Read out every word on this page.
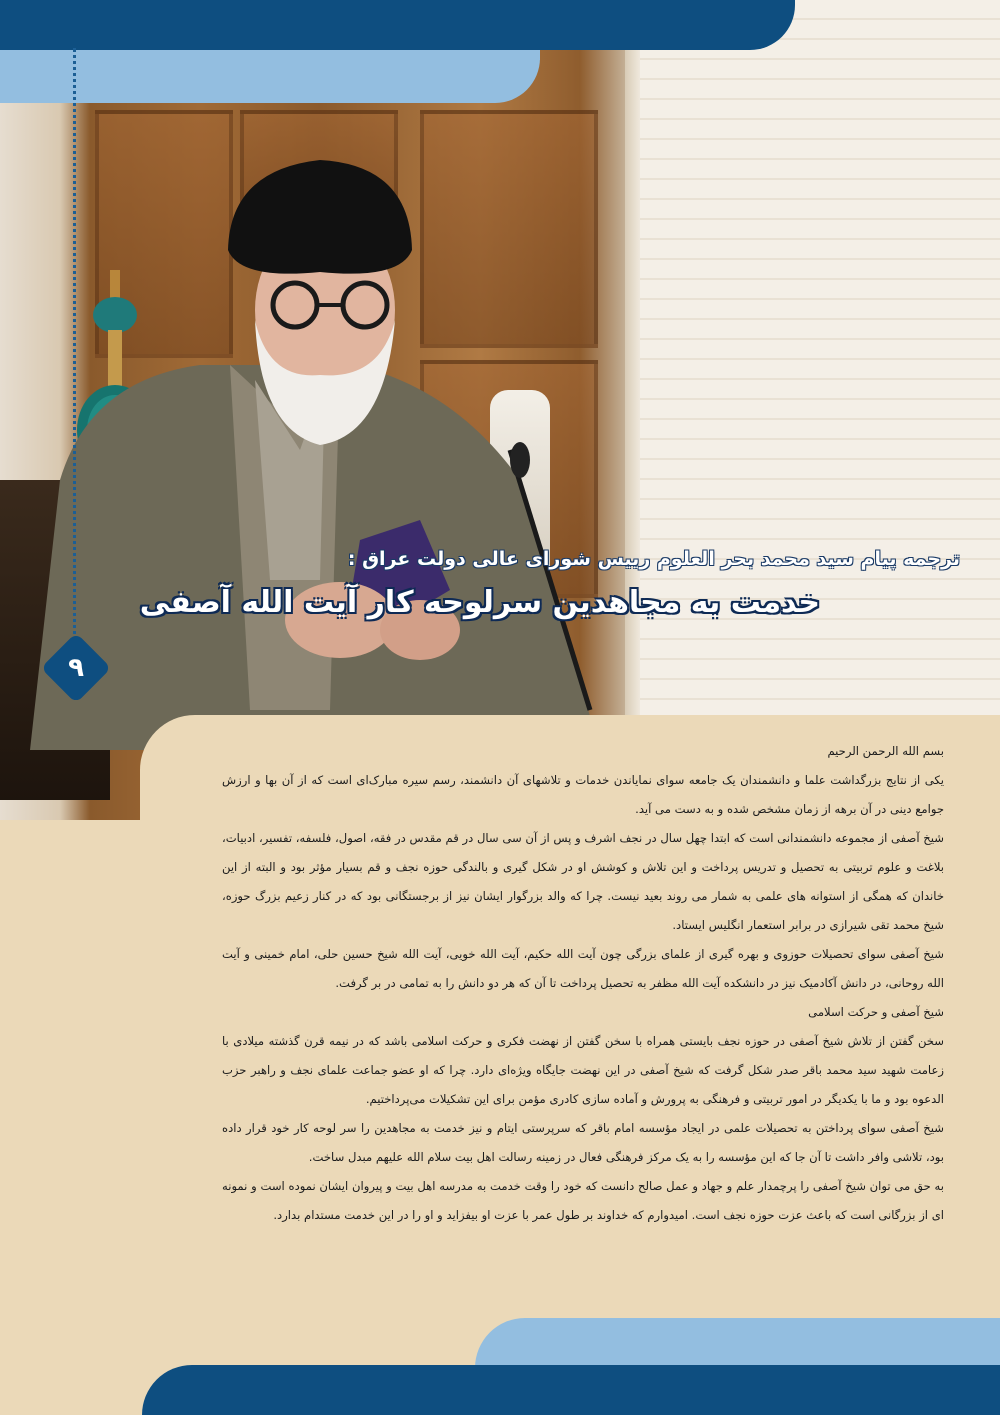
۹
ترجمه پیام سید محمد بحر العلوم رییس شورای عالی دولت عراق :
خدمت به مجاهدین سرلوحه کار آیت الله آصفی

بسم الله الرحمن الرحیم

یکی از نتایج بزرگداشت علما و دانشمندان یک جامعه سوای نمایاندن خدمات و تلاشهای آن دانشمند، رسم سیره مبارک‌ای است که از آن بها و ارزش جوامع دینی در آن برهه از زمان مشخص شده و به دست می آید.

شیخ آصفی از مجموعه دانشمندانی است که ابتدا چهل سال در نجف اشرف و پس از آن سی سال در قم مقدس در فقه، اصول، فلسفه، تفسیر، ادبیات، بلاغت و علوم تربیتی به تحصیل و تدریس پرداخت و این تلاش و کوشش او در شکل گیری و بالندگی حوزه نجف و قم بسیار مؤثر بود و البته از این خاندان که همگی از استوانه های علمی به شمار می روند بعید نیست. چرا که والد بزرگوار ایشان نیز از برجستگانی بود که در کنار زعیم بزرگ حوزه، شیخ محمد تقی شیرازی در برابر استعمار انگلیس ایستاد.

شیخ آصفی سوای تحصیلات حوزوی و بهره گیری از علمای بزرگی چون آیت الله حکیم، آیت الله خویی، آیت الله شیخ حسین حلی، امام خمینی و آیت الله روحانی، در دانش آکادمیک نیز در دانشکده آیت الله مظفر به تحصیل پرداخت تا آن که هر دو دانش را به تمامی در بر گرفت.

شیخ آصفی و حرکت اسلامی

سخن گفتن از تلاش شیخ آصفی در حوزه نجف بایستی همراه با سخن گفتن از نهضت فکری و حرکت اسلامی باشد که در نیمه قرن گذشته میلادی با زعامت شهید سید محمد باقر صدر شکل گرفت که شیخ آصفی در این نهضت جایگاه ویژه‌ای دارد. چرا که او عضو جماعت علمای نجف و راهبر حزب الدعوه بود و ما با یکدیگر در امور تربیتی و فرهنگی به پرورش و آماده سازی کادری مؤمن برای این تشکیلات می‌پرداختیم.

شیخ آصفی سوای پرداختن به تحصیلات علمی در ایجاد مؤسسه امام باقر که سرپرستی ایتام و نیز خدمت به مجاهدین را سر لوحه کار خود قرار داده بود، تلاشی وافر داشت تا آن جا که این مؤسسه را به یک مرکز فرهنگی فعال در زمینه رسالت اهل بیت سلام الله علیهم مبدل ساخت.

به حق می توان شیخ آصفی را پرچمدار علم و جهاد و عمل صالح دانست که خود را وقت خدمت به مدرسه اهل بیت و پیروان ایشان نموده است و نمونه ای از بزرگانی است که باعث عزت حوزه نجف است. امیدوارم که خداوند بر طول عمر با عزت او بیفزاید و او را در این خدمت مستدام بدارد.
